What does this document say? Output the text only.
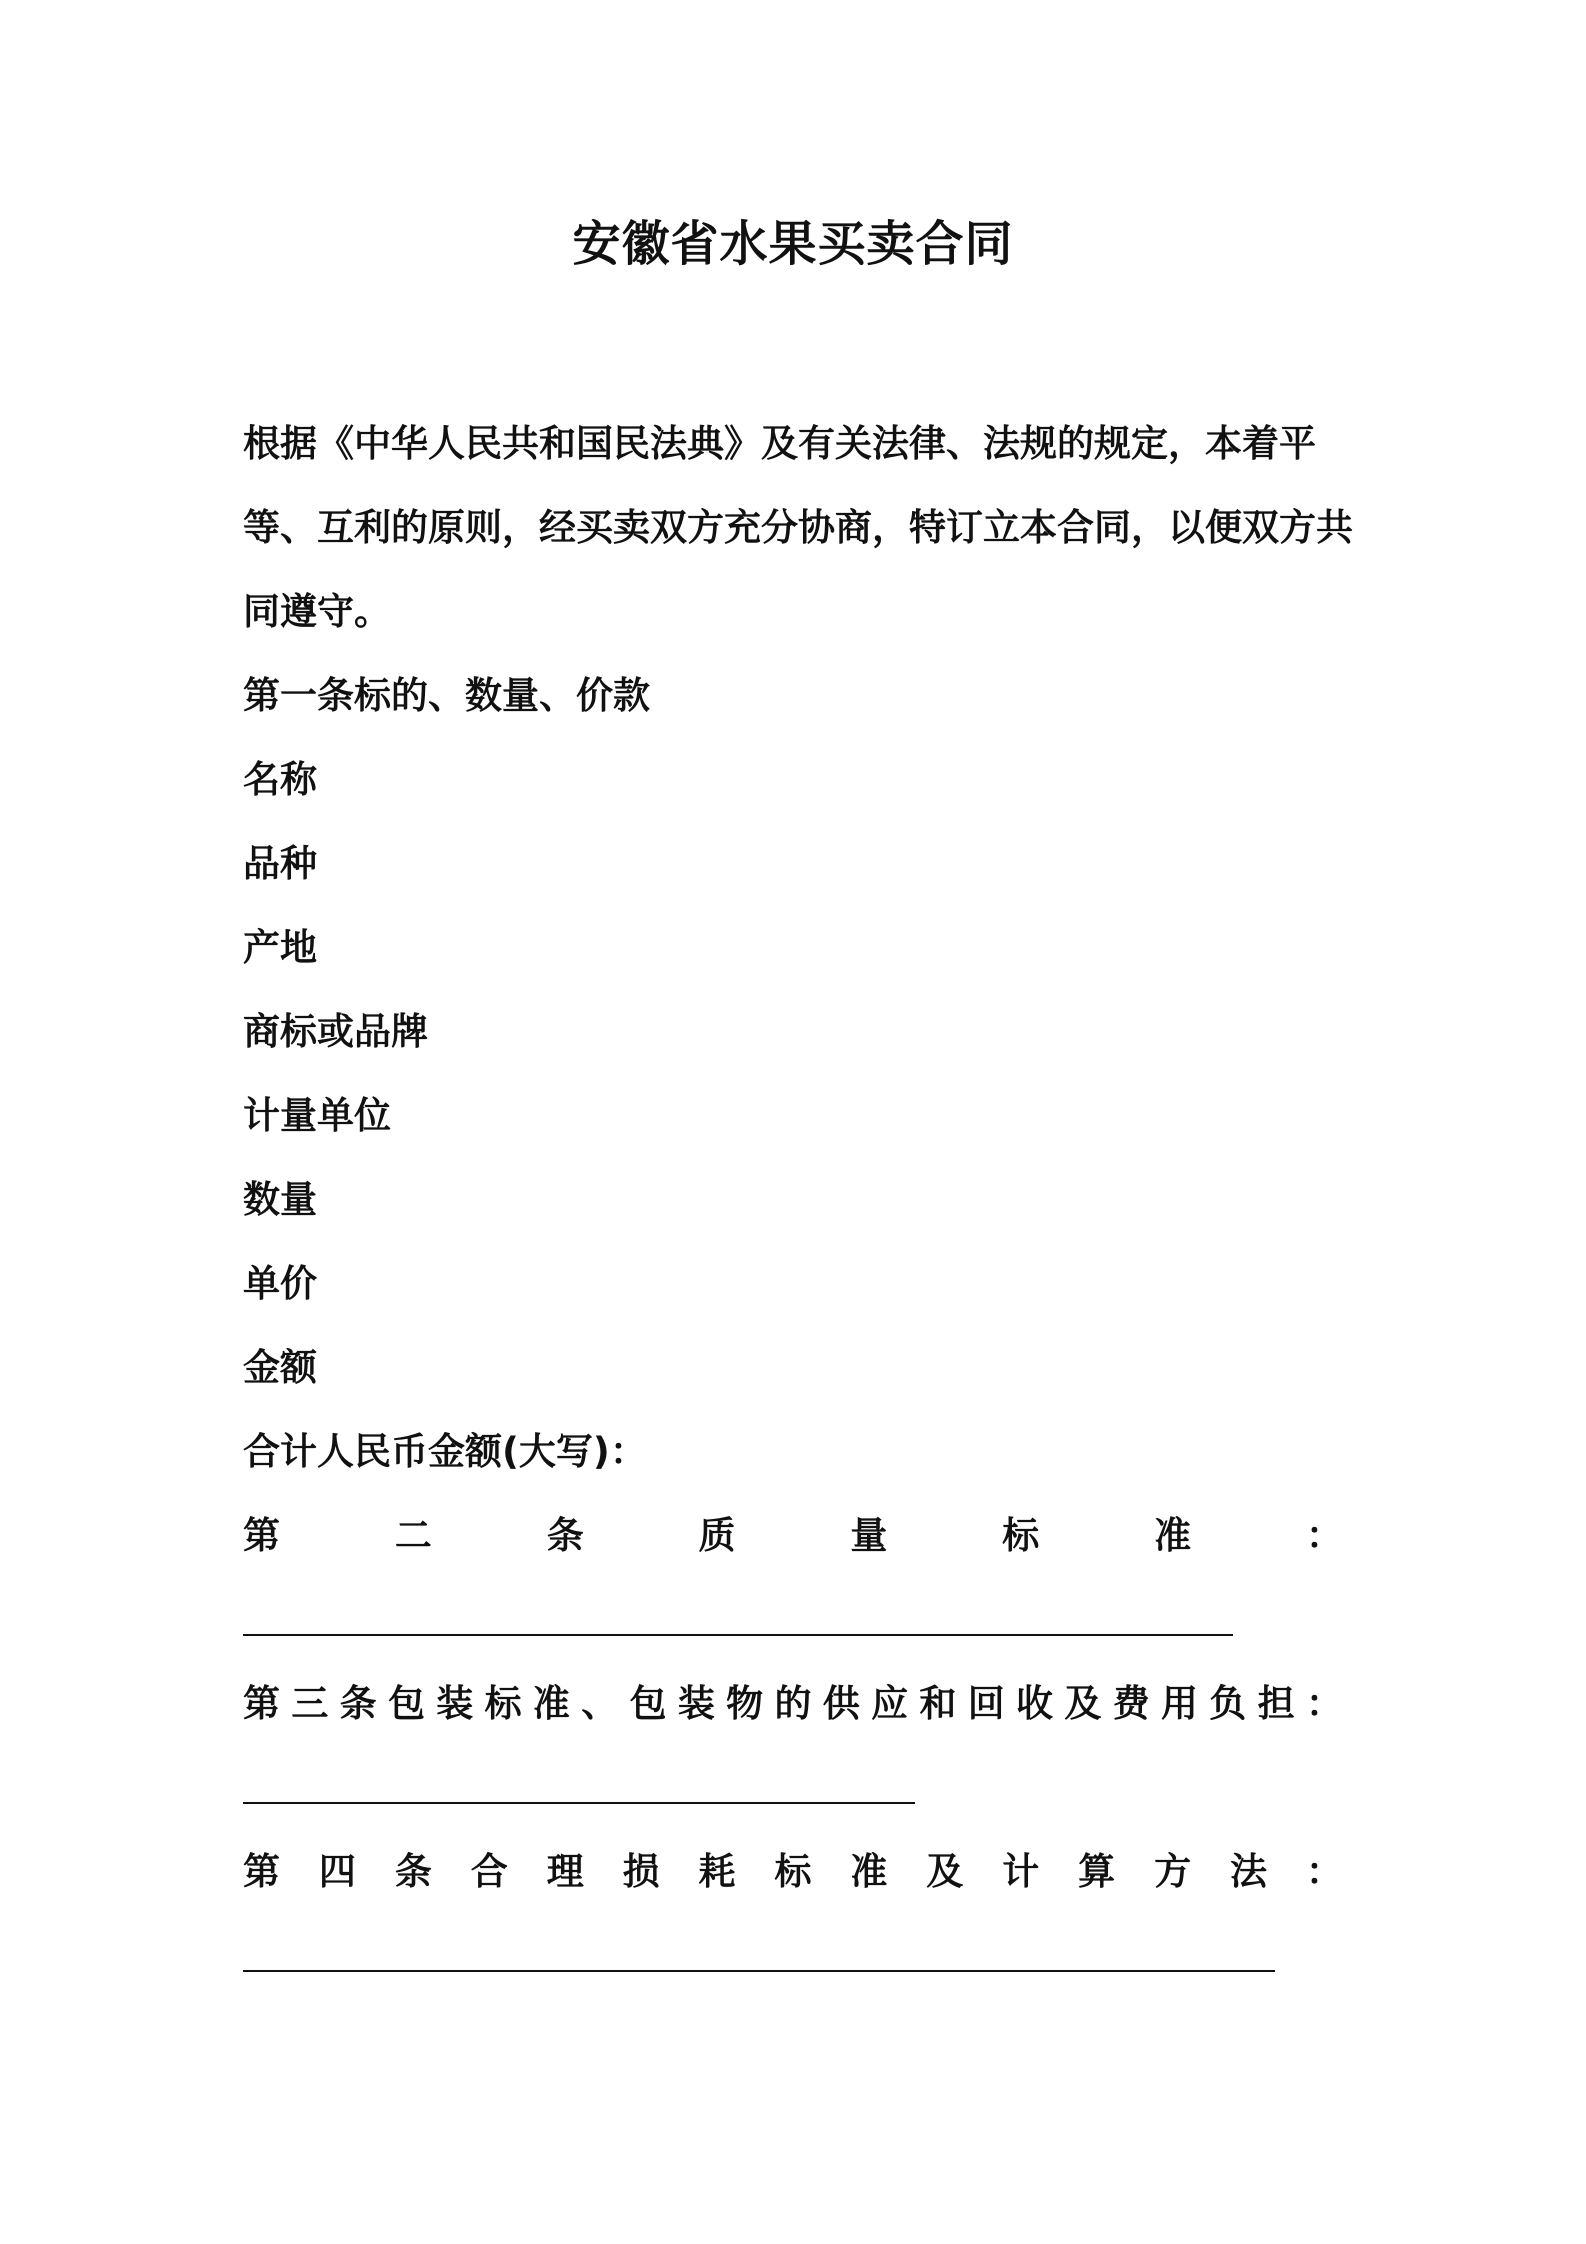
安徽省水果买卖合同

根据《中华人民共和国民法典》及有关法律、法规的规定，本着平等、互利的原则，经买卖双方充分协商，特订立本合同，以便双方共同遵守。

第一条标的、数量、价款
名称
品种
产地
商标或品牌
计量单位
数量
单价
金额
合计人民币金额(大写)：
第	二	条	质	量	标	准	：
第 三 条 包 装 标 准 、 包 装 物 的 供 应 和 回 收 及 费 用 负 担 ：
第 四 条 合 理 损 耗 标 准 及 计 算 方 法 ：
